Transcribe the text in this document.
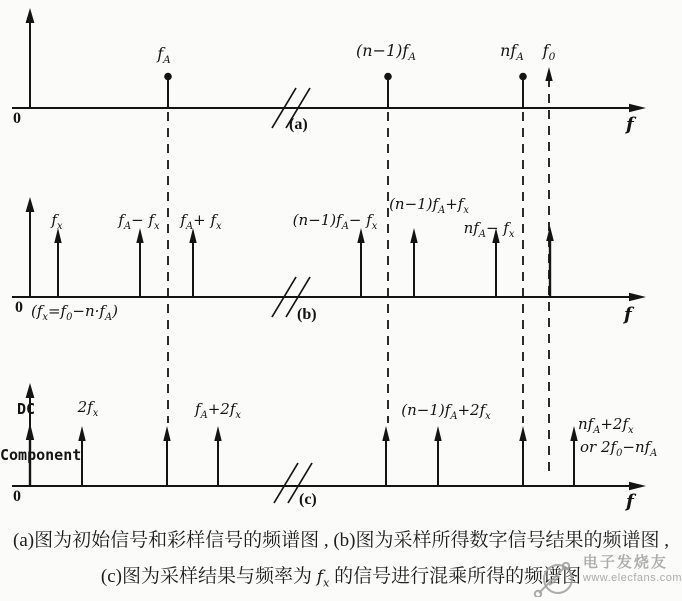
$f_A$
$(n-1)f_A$	$nf_A$ $f_0$
0	f
(a)
$f_x$	$f_A- f_x$ $f_A+ f_x$	$(n-1)f_A- f_x$
$(n-1)f_A+f_x$
$nf_A- f_x$
$(f_x=f_0-n\cdot f_A)$
0	f
(b)
DC
Component
$2f_x$	$f_A+2f_x$	$(n-1)f_A+2f_x$	$nf_A+2f_x$
or $2f_0-nf_A$
0	f
(c)
(a)图为初始信号和彩样信号的频谱图 , (b)图为采样所得数字信号结果的频谱图 ,
(c)图为采样结果与频率为 $f_x$ 的信号进行混乘所得的频谱图
电子发烧友
www.elecfans.com
